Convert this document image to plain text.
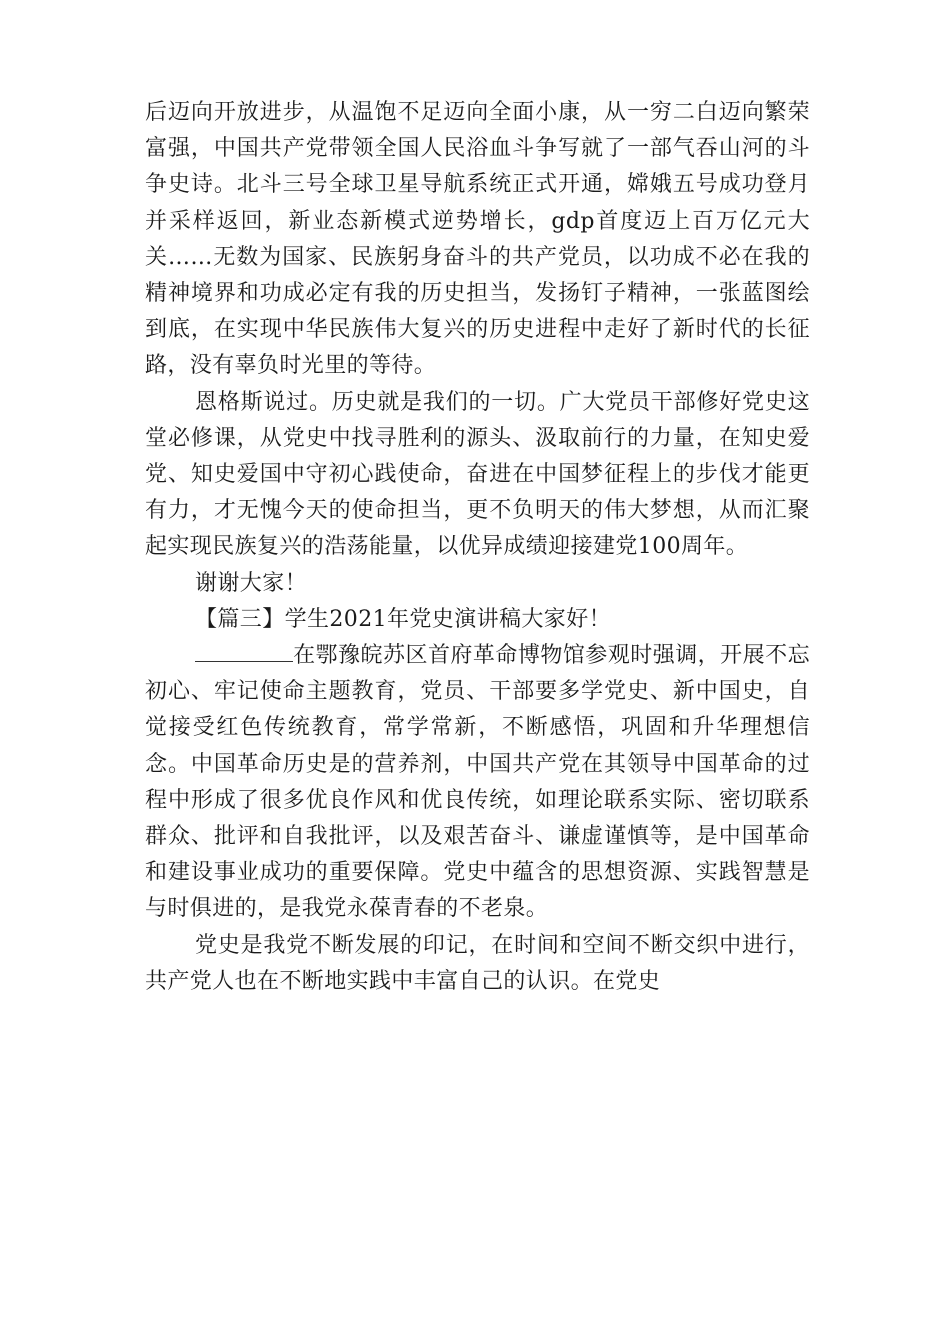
后迈向开放进步，从温饱不足迈向全面小康，从一穷二白迈向繁荣富强，中国共产党带领全国人民浴血斗争写就了一部气吞山河的斗争史诗。北斗三号全球卫星导航系统正式开通，嫦娥五号成功登月并采样返回，新业态新模式逆势增长，gdp首度迈上百万亿元大关……无数为国家、民族躬身奋斗的共产党员，以功成不必在我的精神境界和功成必定有我的历史担当，发扬钉子精神，一张蓝图绘到底，在实现中华民族伟大复兴的历史进程中走好了新时代的长征路，没有辜负时光里的等待。

恩格斯说过。历史就是我们的一切。广大党员干部修好党史这堂必修课，从党史中找寻胜利的源头、汲取前行的力量，在知史爱党、知史爱国中守初心践使命，奋进在中国梦征程上的步伐才能更有力，才无愧今天的使命担当，更不负明天的伟大梦想，从而汇聚起实现民族复兴的浩荡能量，以优异成绩迎接建党100周年。

谢谢大家！

【篇三】学生2021年党史演讲稿大家好！

在鄂豫皖苏区首府革命博物馆参观时强调，开展不忘初心、牢记使命主题教育，党员、干部要多学党史、新中国史，自觉接受红色传统教育，常学常新，不断感悟，巩固和升华理想信念。中国革命历史是的营养剂，中国共产党在其领导中国革命的过程中形成了很多优良作风和优良传统，如理论联系实际、密切联系群众、批评和自我批评，以及艰苦奋斗、谦虚谨慎等，是中国革命和建设事业成功的重要保障。党史中蕴含的思想资源、实践智慧是与时俱进的，是我党永葆青春的不老泉。

党史是我党不断发展的印记，在时间和空间不断交织中进行，共产党人也在不断地实践中丰富自己的认识。在党史
